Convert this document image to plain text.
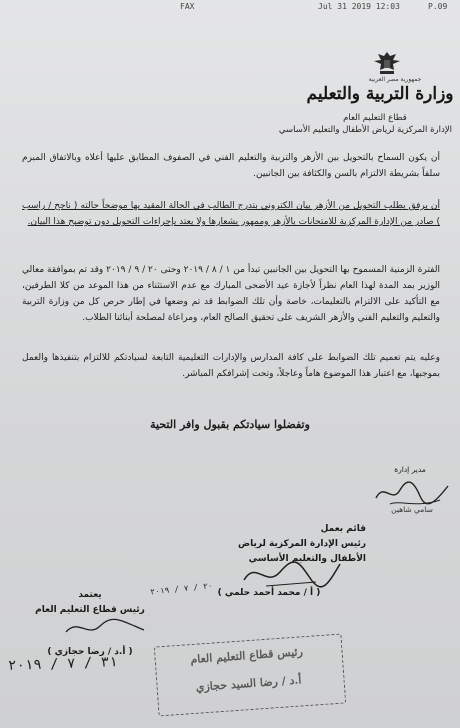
FAX	Jul 31 2019 12:03	P.09
جمهورية مصر العربية
وزارة التربية والتعليم
قطاع التعليم العام
الإدارة المركزية لرياض الأطفال والتعليم الأساسي
أن يكون السماح بالتحويل بين الأزهر والتربية والتعليم الفني في الصفوف المطابق عليها أعلاه وبالاتفاق المبرم سلفاً بشريطة الالتزام بالسن والكثافة بين الجانبين.
أن يرفق بطلب التحويل من الأزهر بيان الكتروني بتدرج الطالب في الحالة المقيد بها موضحاً حالته ( ناجح / راسب ) صادر من الإدارة المركزية للامتحانات بالأزهر وممهور بشعارها ولا يعتد بإجراءات التحويل دون توضيح هذا البيان.
الفترة الزمنية المسموح بها التحويل بين الجانبين تبدأ من ١ / ٨ / ٢٠١٩ وحتى ٢٠ / ٩ / ٢٠١٩ وقد تم بموافقة معالي الوزير بمد المدة لهذا العام نظراً لأجازة عيد الأضحى المبارك مع عدم الاستثناء من هذا الموعد من كلا الطرفين، مع التأكيد على الالتزام بالتعليمات، خاصة وأن تلك الضوابط قد تم وضعها في إطار حرص كل من وزارة التربية والتعليم والتعليم الفني والأزهر الشريف على تحقيق الصالح العام، ومراعاة لمصلحة أبنائنا الطلاب.
وعليه يتم تعميم تلك الضوابط على كافة المدارس والإدارات التعليمية التابعة لسيادتكم للالتزام بتنفيذها والعمل بموجبها، مع اعتبار هذا الموضوع هاماً وعاجلاً، وتحت إشرافكم المباشر.
وتفضلوا سيادتكم بقبول وافر التحية
مدير إدارة
سامي شاهين
قائم بعمل
رئيس الإدارة المركزية لرياض الأطفال والتعليم الأساسي
٢٠ / ٧ / ٢٠١٩
( أ / محمد أحمد حلمي )
يعتمد
رئيس قطاع التعليم العام
( أ.د / رضا حجازي )
٣١ / ٧ / ٢٠١٩	رئيس قطاع التعليم العام
أ.د / رضا السيد حجازي
